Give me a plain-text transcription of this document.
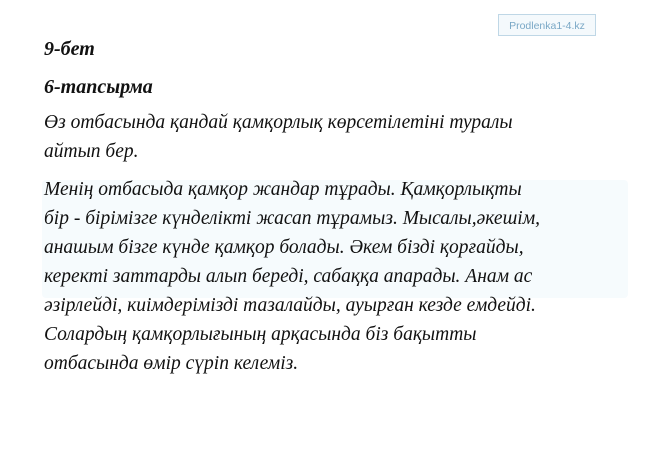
Prodlenka1-4.kz

9-бет

6-тапсырма

Өз отбасында қандай қамқорлық көрсетілетіні туралы
айтып бер.
Менің отбасыда қамқор жандар тұрады. Қамқорлықты
бір - бірімізге күнделікті жасап тұрамыз. Мысалы,әкешім,
анашым бізге күнде қамқор болады. Әкем бізді қорғайды,
керекті заттарды алып береді, сабаққа апарады. Анам ас
әзірлейді, киімдерімізді тазалайды, ауырған кезде емдейді.
Солардың қамқорлығының арқасында біз бақытты
отбасында өмір сүріп келеміз.
